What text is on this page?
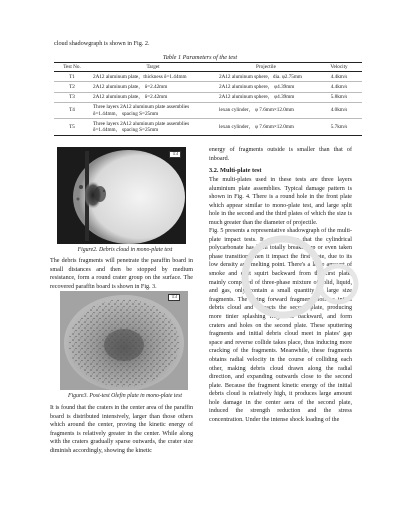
cloud shadowgraph is shown in Fig. 2.

Table 1 Parameters of the test
Test No.	Target	Projectile	Velocity
T1	2A12 aluminum plate，thickness δ=1.44mm	2A12 aluminum sphere，dia. φ2.75mm	4.4km/s
T2	2A12 aluminum plate， δ=2.42mm	2A12 aluminum sphere， φ4.39mm	4.4km/s
T3	2A12 aluminum plate， δ=2.42mm	2A12 aluminum sphere， φ4.39mm	5.8km/s
T4	Three layers 2A12 aluminum plate assemblies δ=1.44mm， spacing S=25mm	lexan cylinder， φ 7.6mm×12.0mm	4.0km/s
T5	Three layers 2A12 aluminum plate assemblies δ=1.44mm， spacing S=25mm	lexan cylinder， φ 7.6mm×12.0mm	5.7km/s
T3
Figure2. Debris cloud in mono-plate test

The debris fragments will penetrate the paraffin board in small distances and then be stopped by medium resistance, form a round crater group on the surface. The recovered paraffin board is shown in Fig. 3.

T3
Figure3. Post-test Olefin plate in mono-plate test

It is found that the craters in the center area of the paraffin board is distributed intensively, larger than those others which around the center, proving the kinetic energy of fragments is relatively greater in the center. While along with the craters gradually sparse outwards, the crater size diminish accordingly, showing the kinetic

energy of fragments outside is smaller than that of inboard.

3.2. Multi-plate test

The multi-plates used in these tests are three layers aluminium plate assemblies. Typical damage pattern is shown in Fig. 4. There is a round hole in the front plate which appear similar to mono-plate test, and large split hole in the second and the third plates of which the size is much greater than the diameter of projectile.

Fig. 5 presents a representative shadowgraph of the multi-plate impact tests. It can be seen that the cylindrical polycarbonate has been totally breaked up or even taken phase transition when it impact the first plate, due to its low density and melting point. There's a large amount of smoke and dust squirt backward from the first plate, mainly composed of three-phase mixture of solid, liquid, and gas, only contain a small quantity of large size fragments. The flying forward fragments form a initial debris cloud and impacts the second plate, producing more tinier splashing fragments backward, and form craters and holes on the second plate. These sputtering fragments and initial debris cloud meet in plates' gap space and reverse collide takes place, thus inducing more cracking of the fragments. Meanwhile, these fragments obtains radial velocity in the course of colliding each other, making debris cloud drawn along the radial direction, and expanding outwards close to the second plate. Because the fragment kinetic energy of the initial debris cloud is relatively high, it produces large amount hole damage in the center aera of the second plate, induced the strength reduction and the stress concentration. Under the intense shock loading of the
